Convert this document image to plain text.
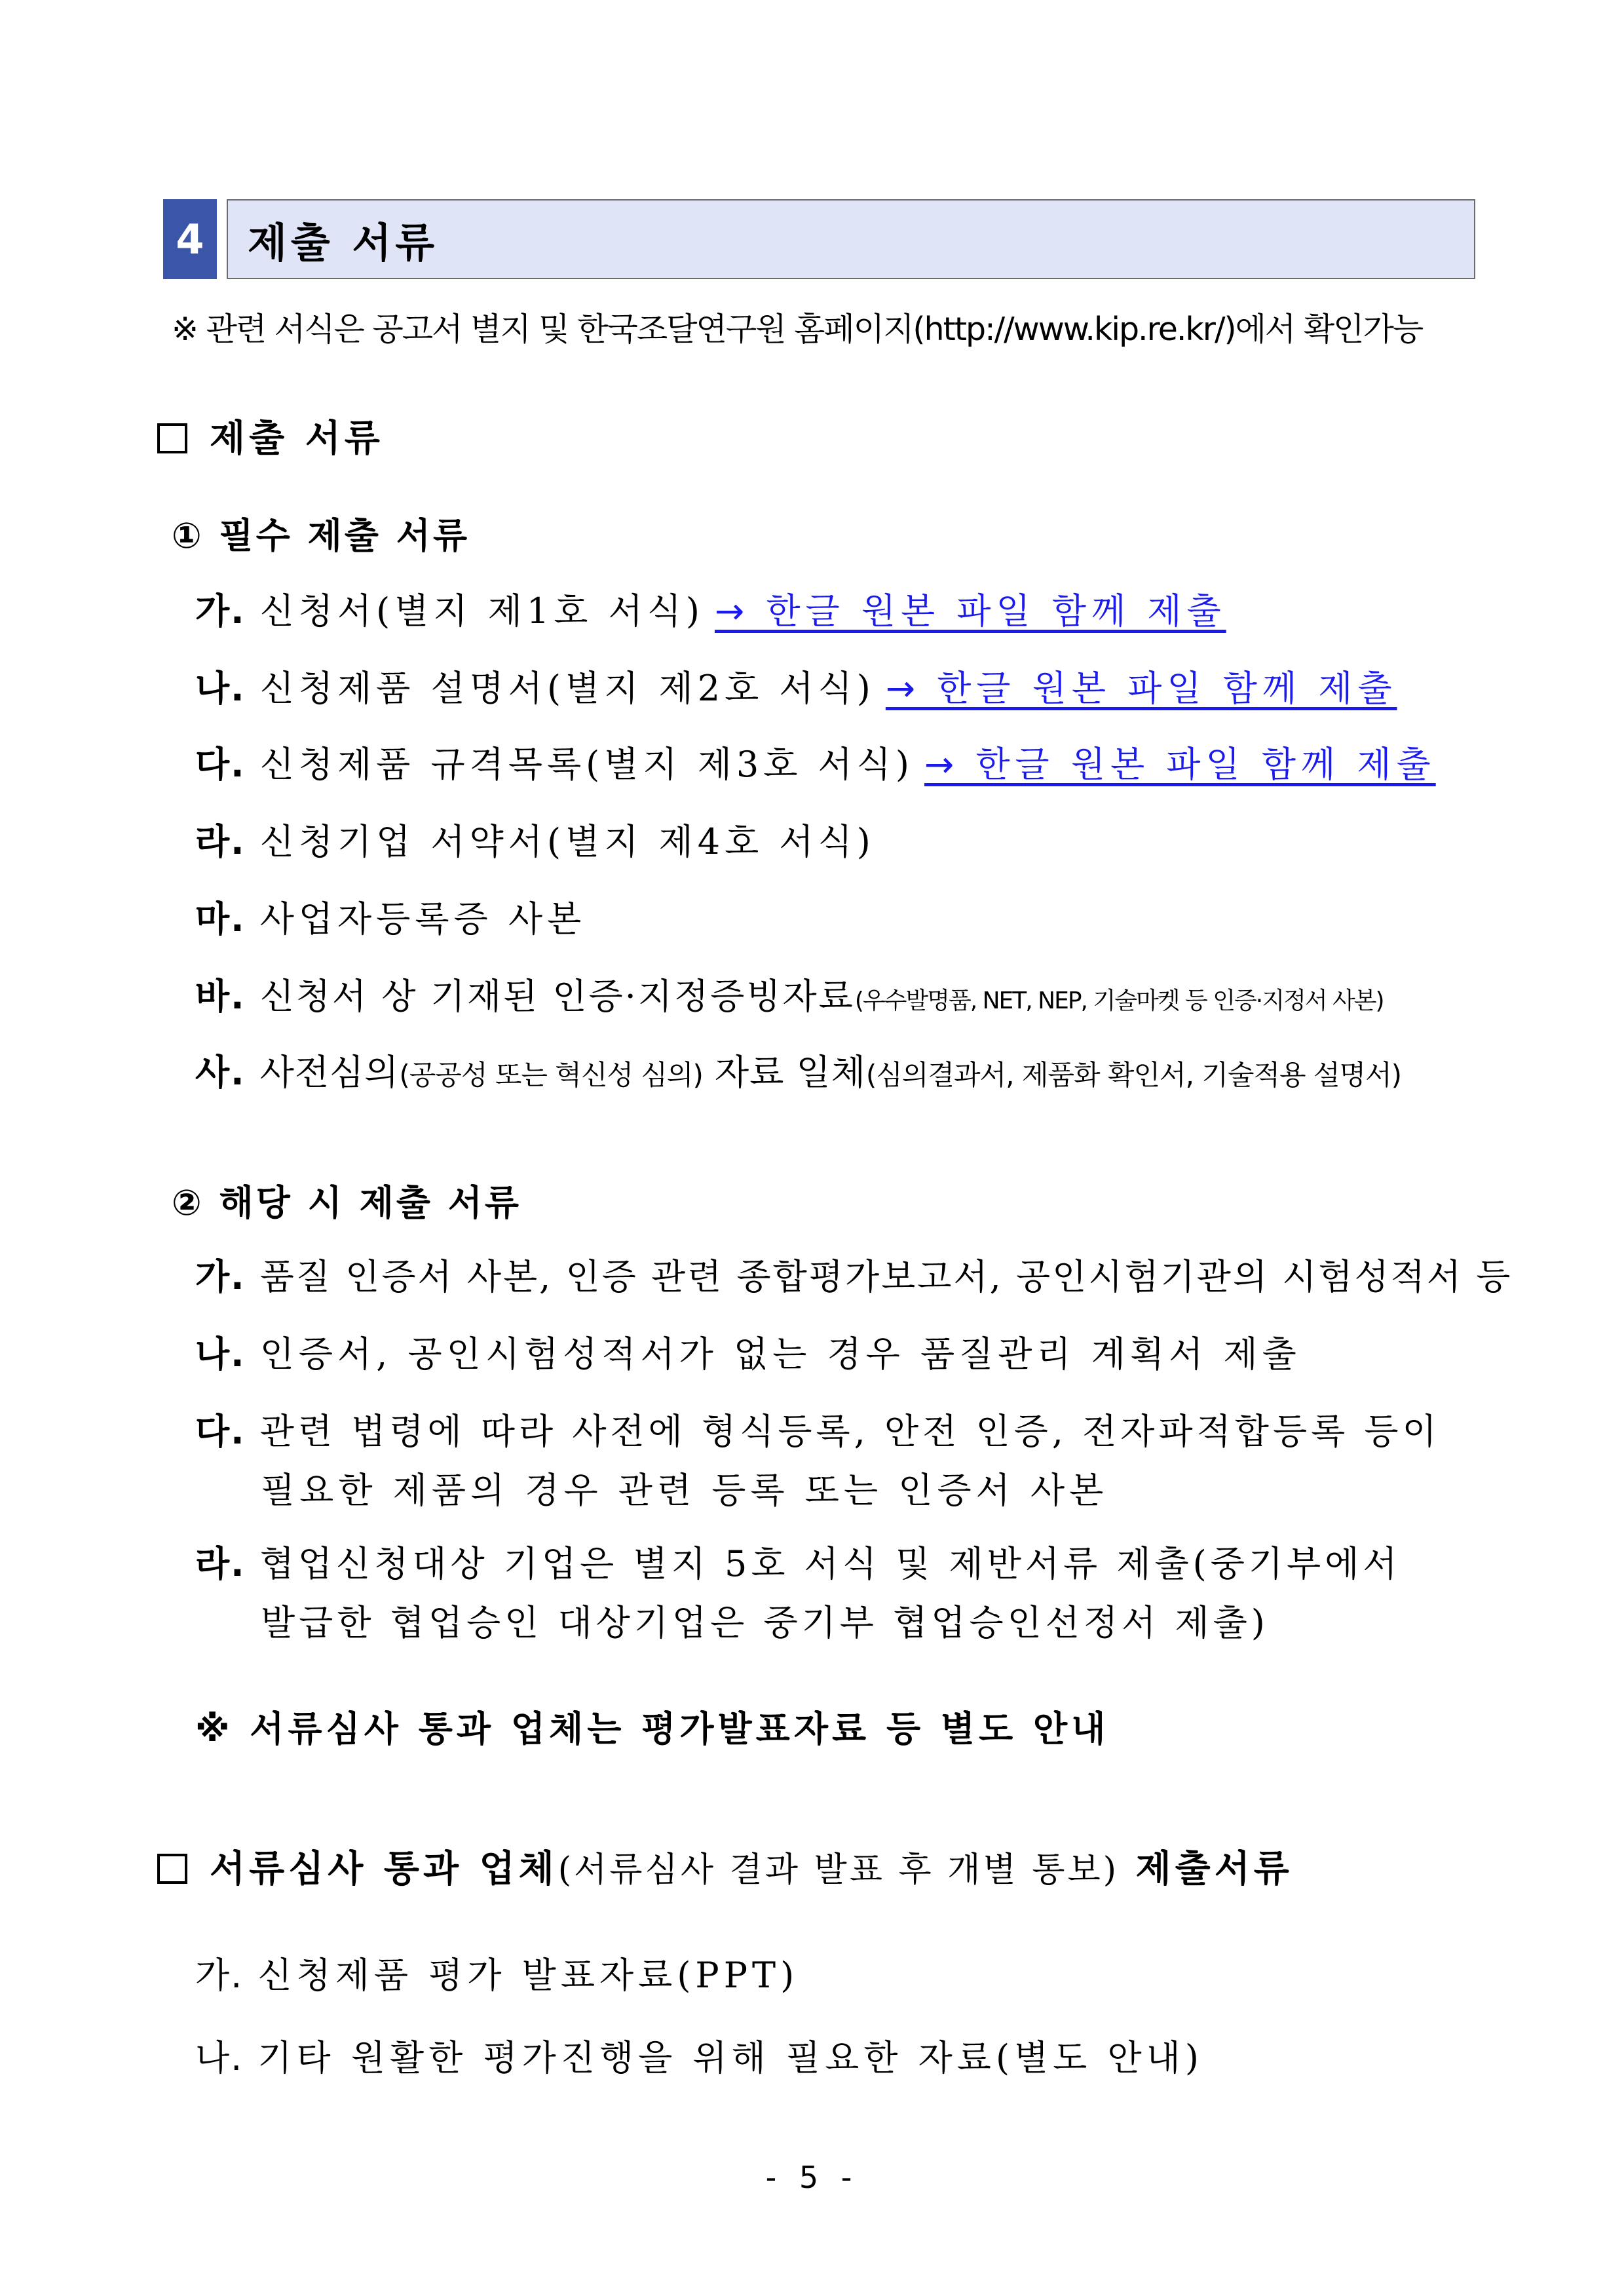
4	제출 서류
※ 관련 서식은 공고서 별지 및 한국조달연구원 홈페이지(http://www.kip.re.kr/)에서 확인가능
제출 서류
① 필수 제출 서류
가. 신청서(별지 제1호 서식) → 한글 원본 파일 함께 제출
나. 신청제품 설명서(별지 제2호 서식) → 한글 원본 파일 함께 제출
다. 신청제품 규격목록(별지 제3호 서식) → 한글 원본 파일 함께 제출
라. 신청기업 서약서(별지 제4호 서식)
마. 사업자등록증 사본
바. 신청서 상 기재된 인증·지정증빙자료(우수발명품, NET, NEP, 기술마켓 등 인증·지정서 사본)
사. 사전심의(공공성 또는 혁신성 심의) 자료 일체(심의결과서, 제품화 확인서, 기술적용 설명서)
② 해당 시 제출 서류
가. 품질 인증서 사본, 인증 관련 종합평가보고서, 공인시험기관의 시험성적서 등
나. 인증서, 공인시험성적서가 없는 경우 품질관리 계획서 제출
다. 관련 법령에 따라 사전에 형식등록, 안전 인증, 전자파적합등록 등이
필요한 제품의 경우 관련 등록 또는 인증서 사본
라. 협업신청대상 기업은 별지 5호 서식 및 제반서류 제출(중기부에서
발급한 협업승인 대상기업은 중기부 협업승인선정서 제출)
※ 서류심사 통과 업체는 평가발표자료 등 별도 안내
서류심사 통과 업체(서류심사 결과 발표 후 개별 통보) 제출서류
가. 신청제품 평가 발표자료(PPT)
나. 기타 원활한 평가진행을 위해 필요한 자료(별도 안내)
- 5 -
